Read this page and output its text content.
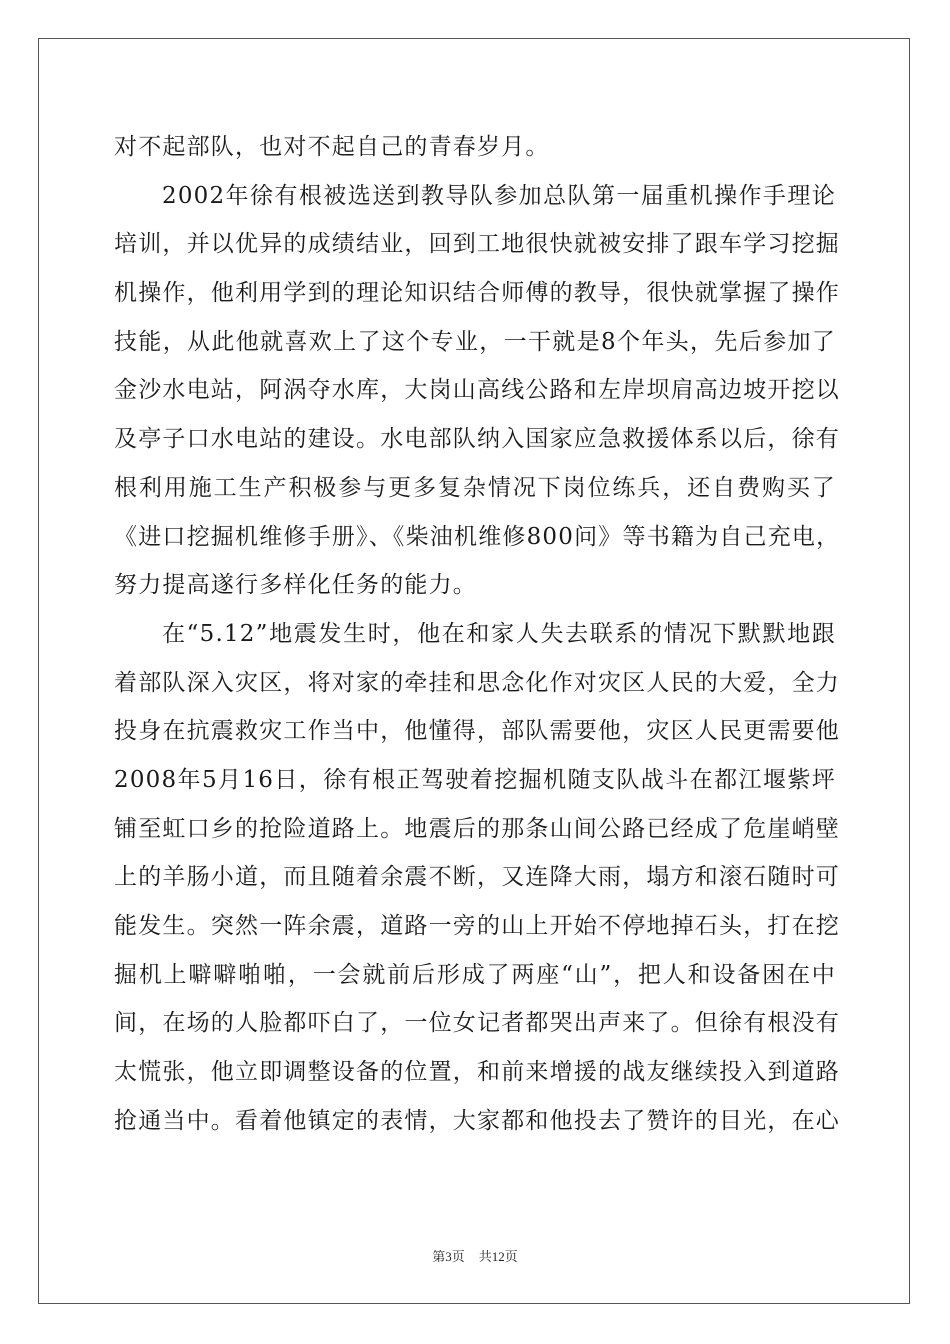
对不起部队，也对不起自己的青春岁月。
2002年徐有根被选送到教导队参加总队第一届重机操作手理论
培训，并以优异的成绩结业，回到工地很快就被安排了跟车学习挖掘
机操作，他利用学到的理论知识结合师傅的教导，很快就掌握了操作
技能，从此他就喜欢上了这个专业，一干就是8个年头，先后参加了
金沙水电站，阿涡夺水库，大岗山高线公路和左岸坝肩高边坡开挖以
及亭子口水电站的建设。水电部队纳入国家应急救援体系以后，徐有
根利用施工生产积极参与更多复杂情况下岗位练兵，还自费购买了
《进口挖掘机维修手册》、《柴油机维修800问》等书籍为自己充电，
努力提高遂行多样化任务的能力。
在“5.12”地震发生时，他在和家人失去联系的情况下默默地跟
着部队深入灾区，将对家的牵挂和思念化作对灾区人民的大爱，全力
投身在抗震救灾工作当中，他懂得，部队需要他，灾区人民更需要他
2008年5月16日，徐有根正驾驶着挖掘机随支队战斗在都江堰紫坪
铺至虹口乡的抢险道路上。地震后的那条山间公路已经成了危崖峭壁
上的羊肠小道，而且随着余震不断，又连降大雨，塌方和滚石随时可
能发生。突然一阵余震，道路一旁的山上开始不停地掉石头，打在挖
掘机上噼噼啪啪，一会就前后形成了两座“山”，把人和设备困在中
间，在场的人脸都吓白了，一位女记者都哭出声来了。但徐有根没有
太慌张，他立即调整设备的位置，和前来增援的战友继续投入到道路
抢通当中。看着他镇定的表情，大家都和他投去了赞许的目光，在心
第3页 共12页
